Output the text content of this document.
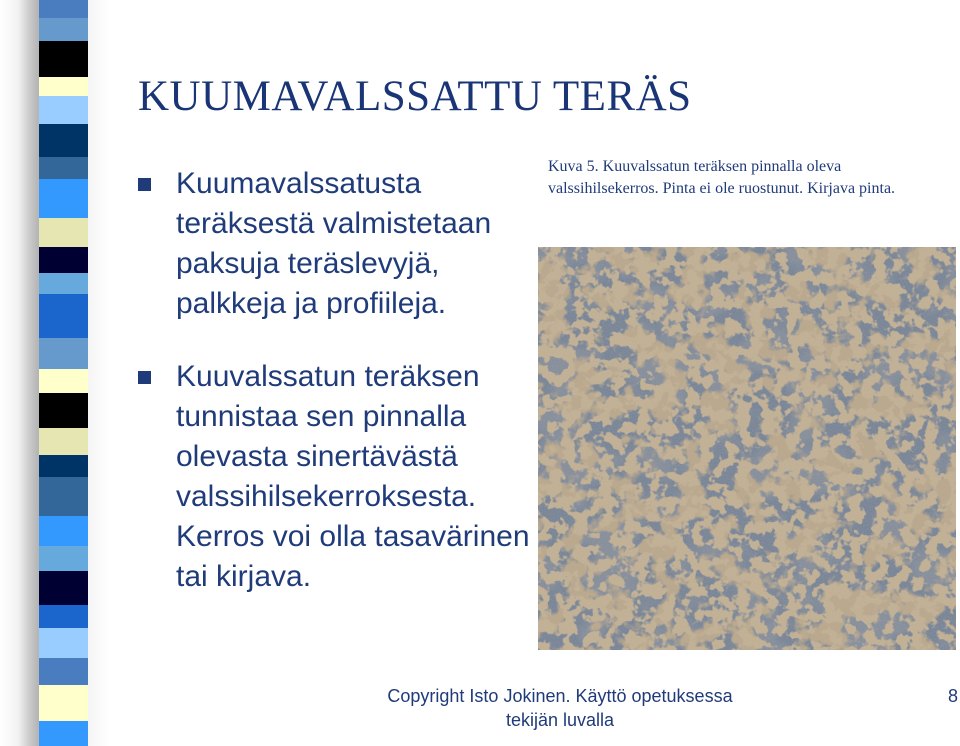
KUUMAVALSSATTU TERÄS
Kuumavalssatusta teräksestä valmistetaan paksuja teräslevyjä, palkkeja ja profiileja.
Kuuvalssatun teräksen tunnistaa sen pinnalla olevasta sinertävästä valssihilsekerroksesta. Kerros voi olla tasavärinen tai kirjava.
Kuva 5. Kuuvalssatun teräksen pinnalla oleva valssihilsekerros. Pinta ei ole ruostunut. Kirjava pinta.
Copyright Isto Jokinen. Käyttö opetuksessa tekijän luvalla
8
